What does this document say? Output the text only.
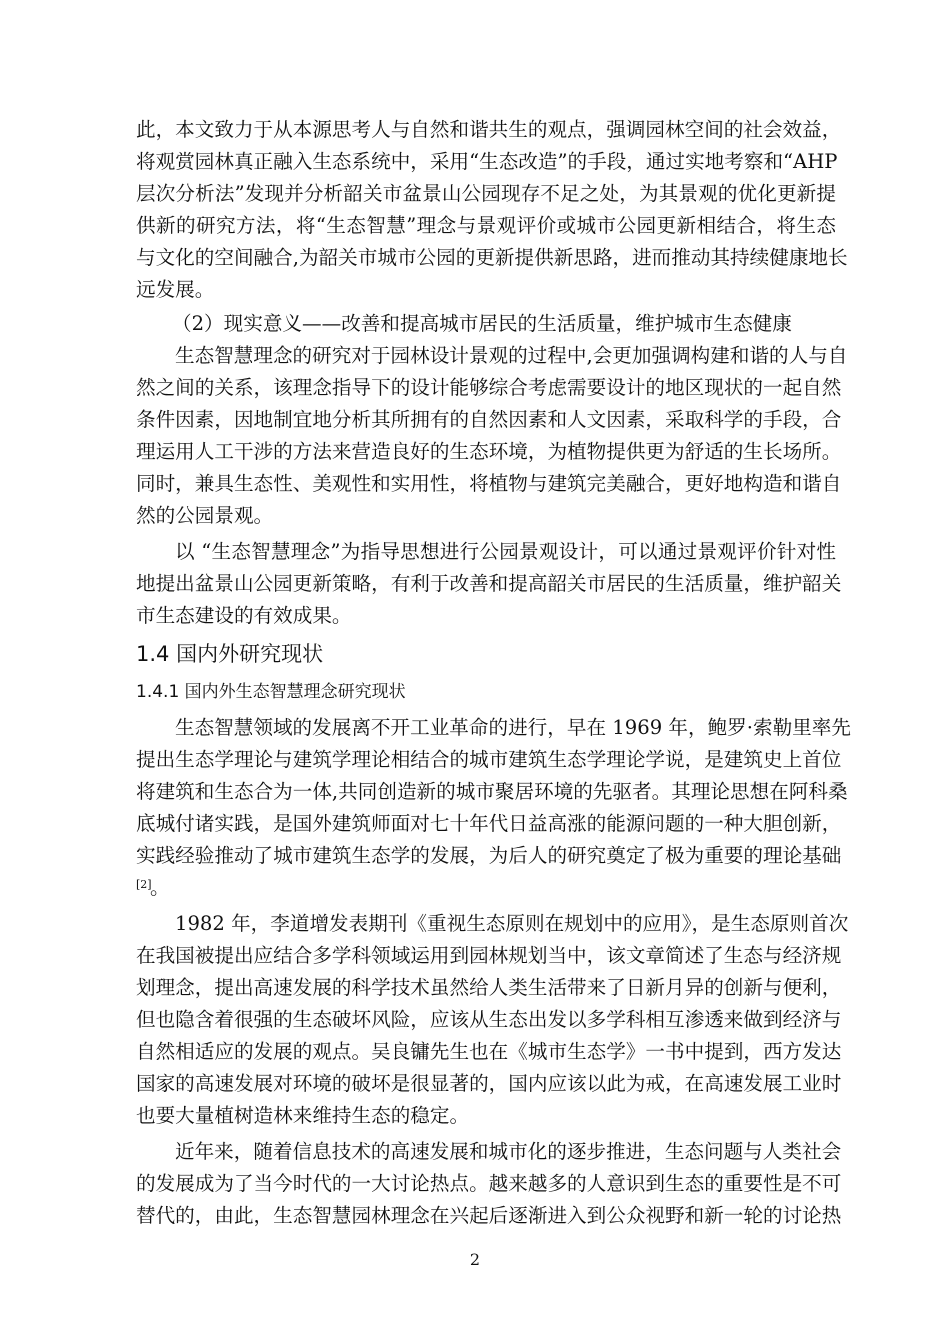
此，本文致力于从本源思考人与自然和谐共生的观点，强调园林空间的社会效益，
将观赏园林真正融入生态系统中，采用“生态改造”的手段，通过实地考察和“AHP
层次分析法”发现并分析韶关市盆景山公园现存不足之处，为其景观的优化更新提
供新的研究方法，将“生态智慧”理念与景观评价或城市公园更新相结合，将生态
与文化的空间融合,为韶关市城市公园的更新提供新思路，进而推动其持续健康地长
远发展。
（2）现实意义——改善和提高城市居民的生活质量，维护城市生态健康
生态智慧理念的研究对于园林设计景观的过程中,会更加强调构建和谐的人与自
然之间的关系，该理念指导下的设计能够综合考虑需要设计的地区现状的一起自然
条件因素，因地制宜地分析其所拥有的自然因素和人文因素，采取科学的手段，合
理运用人工干涉的方法来营造良好的生态环境，为植物提供更为舒适的生长场所。
同时，兼具生态性、美观性和实用性，将植物与建筑完美融合，更好地构造和谐自
然的公园景观。
以 “生态智慧理念”为指导思想进行公园景观设计，可以通过景观评价针对性
地提出盆景山公园更新策略，有利于改善和提高韶关市居民的生活质量，维护韶关
市生态建设的有效成果。
1.4 国内外研究现状
1.4.1 国内外生态智慧理念研究现状
生态智慧领域的发展离不开工业革命的进行，早在 1969 年，鲍罗·索勒里率先
提出生态学理论与建筑学理论相结合的城市建筑生态学理论学说，是建筑史上首位
将建筑和生态合为一体,共同创造新的城市聚居环境的先驱者。其理论思想在阿科桑
底城付诸实践，是国外建筑师面对七十年代日益高涨的能源问题的一种大胆创新，
实践经验推动了城市建筑生态学的发展，为后人的研究奠定了极为重要的理论基础
[2]
。
1982 年，李道增发表期刊《重视生态原则在规划中的应用》，是生态原则首次
在我国被提出应结合多学科领域运用到园林规划当中，该文章简述了生态与经济规
划理念，提出高速发展的科学技术虽然给人类生活带来了日新月异的创新与便利，
但也隐含着很强的生态破坏风险，应该从生态出发以多学科相互渗透来做到经济与
自然相适应的发展的观点。吴良镛先生也在《城市生态学》一书中提到，西方发达
国家的高速发展对环境的破坏是很显著的，国内应该以此为戒，在高速发展工业时
也要大量植树造林来维持生态的稳定。
近年来，随着信息技术的高速发展和城市化的逐步推进，生态问题与人类社会
的发展成为了当今时代的一大讨论热点。越来越多的人意识到生态的重要性是不可
替代的，由此，生态智慧园林理念在兴起后逐渐进入到公众视野和新一轮的讨论热
2
